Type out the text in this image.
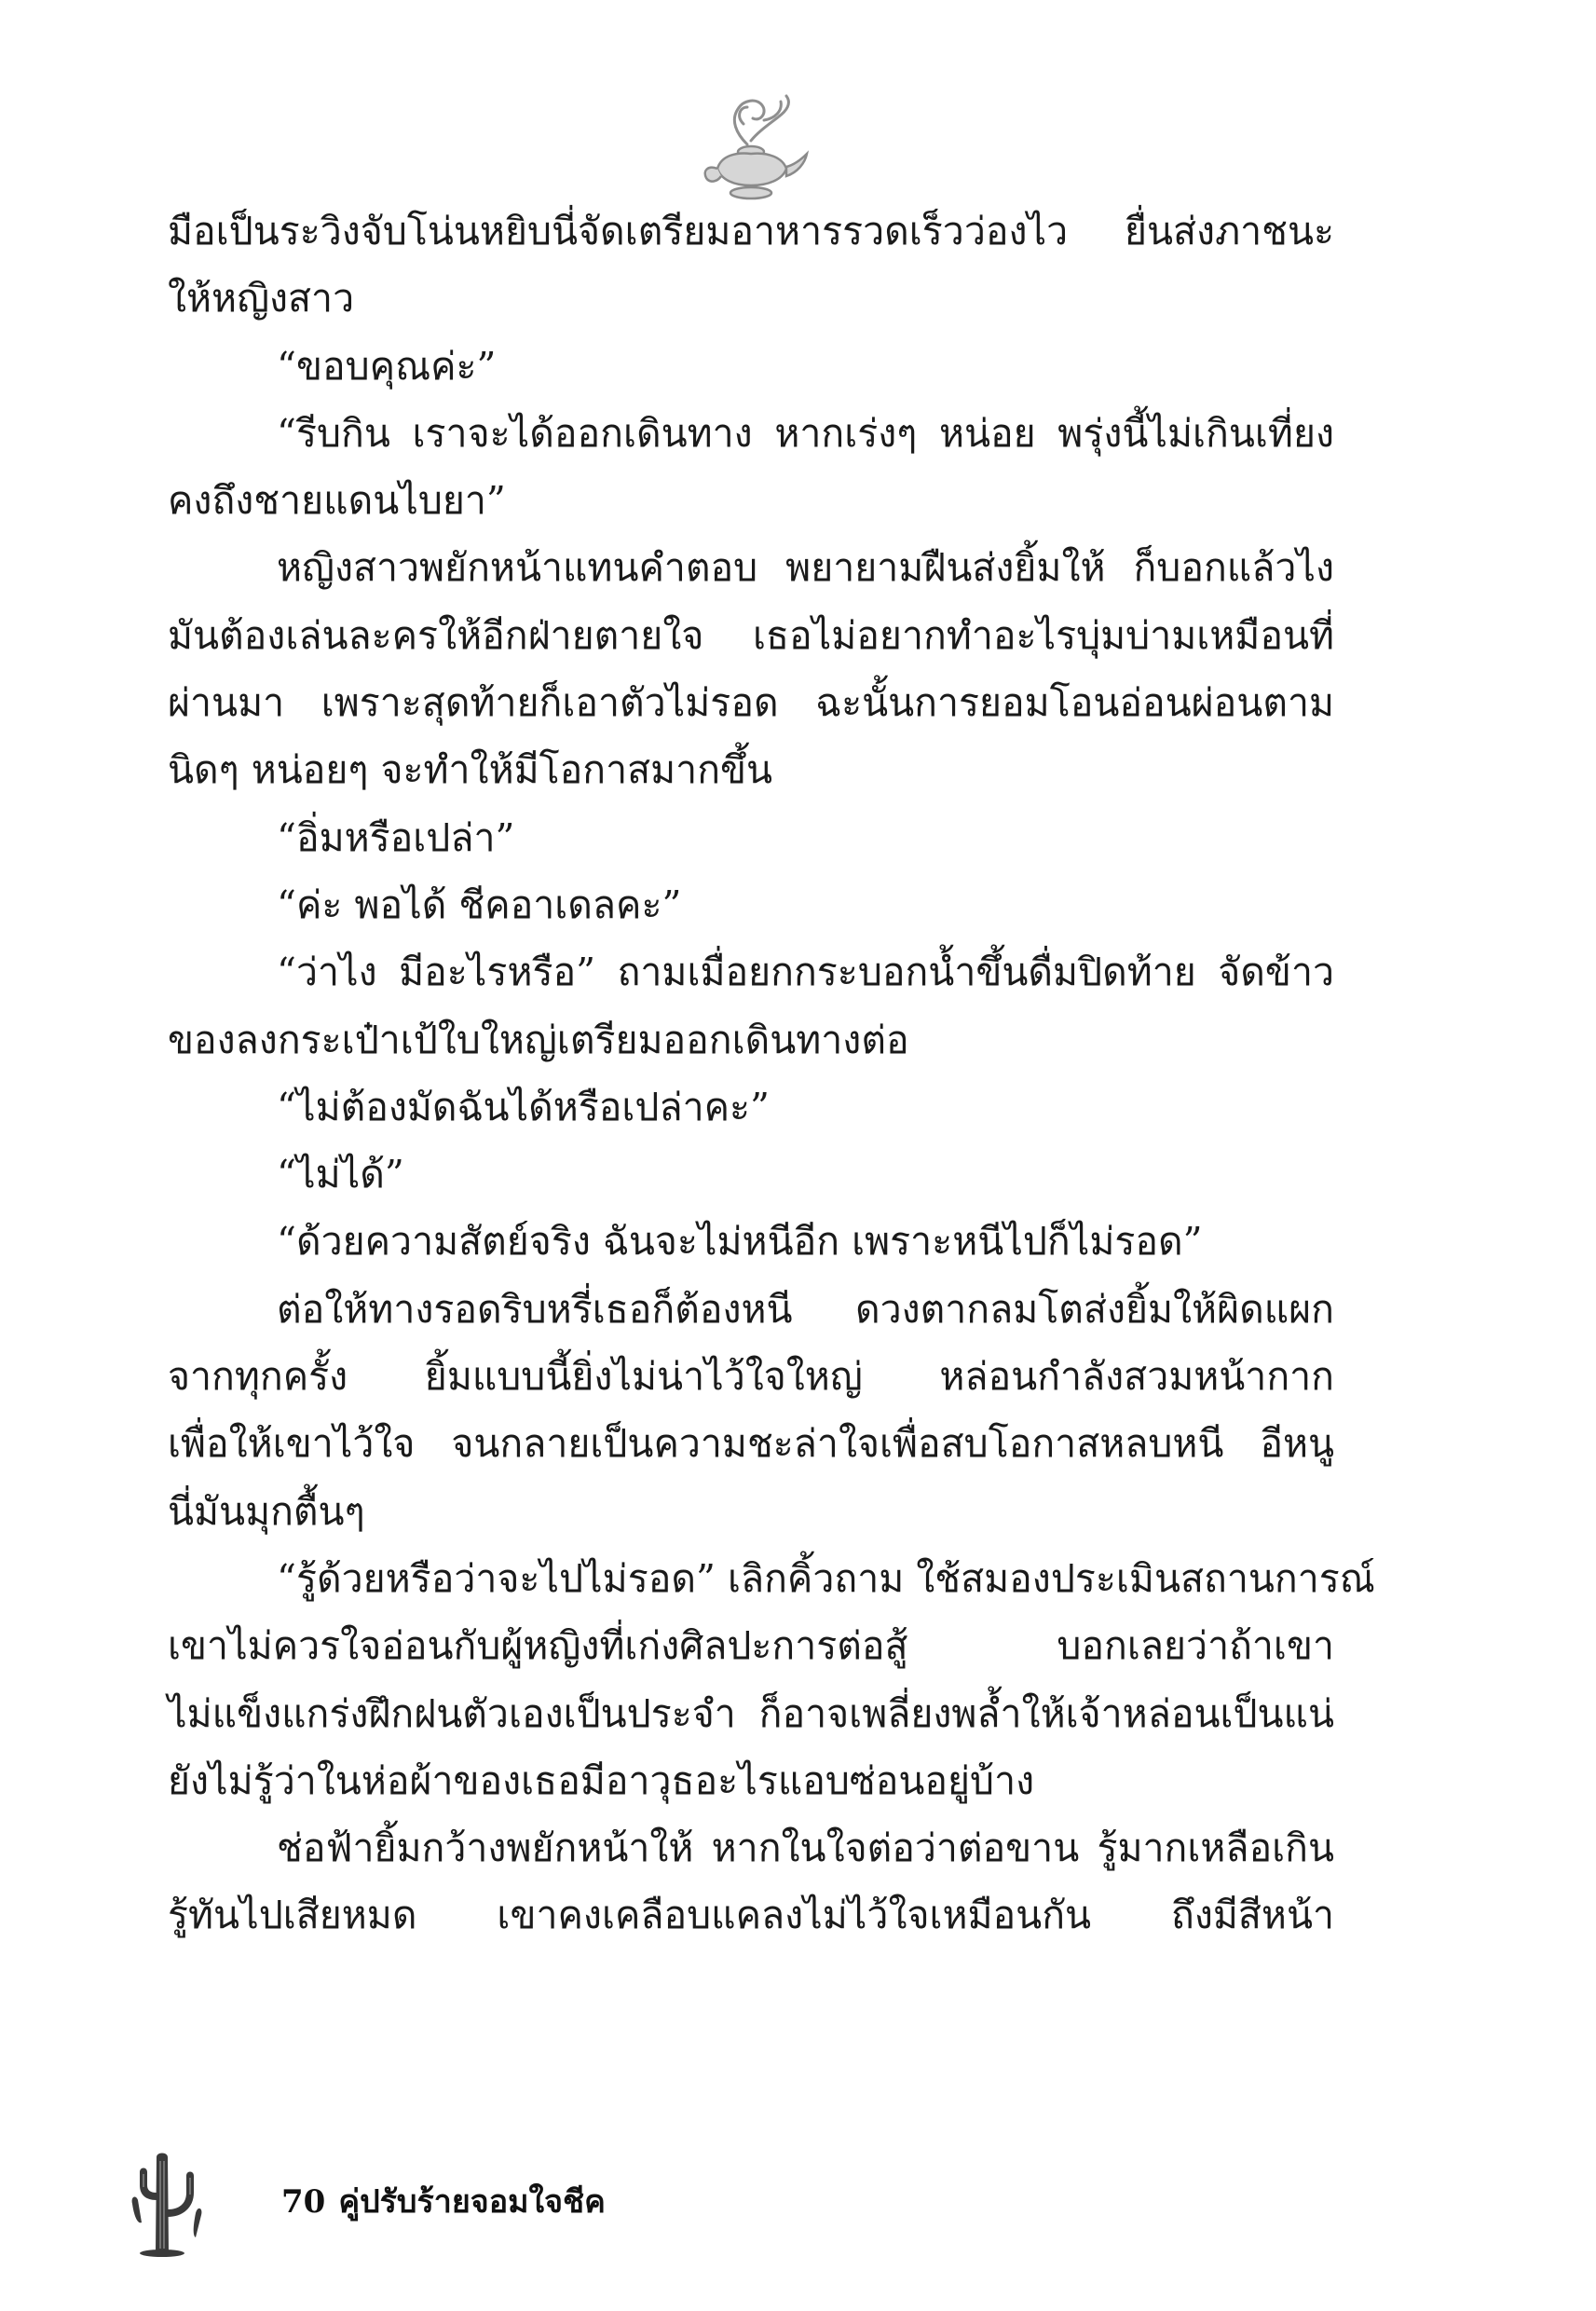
มือเป็นระวิงจับโน่นหยิบนี่จัดเตรียมอาหารรวดเร็วว่องไว ยื่นส่งภาชนะ
ให้หญิงสาว
“ขอบคุณค่ะ”
“รีบกิน เราจะได้ออกเดินทาง หากเร่งๆ หน่อย พรุ่งนี้ไม่เกินเที่ยง
คงถึงชายแดนไบยา”
หญิงสาวพยักหน้าแทนคำตอบ พยายามฝืนส่งยิ้มให้ ก็บอกแล้วไง
มันต้องเล่นละครให้อีกฝ่ายตายใจ เธอไม่อยากทำอะไรบุ่มบ่ามเหมือนที่
ผ่านมา เพราะสุดท้ายก็เอาตัวไม่รอด ฉะนั้นการยอมโอนอ่อนผ่อนตาม
นิดๆ หน่อยๆ จะทำให้มีโอกาสมากขึ้น
“อิ่มหรือเปล่า”
“ค่ะ พอได้ ชีคอาเดลคะ”
“ว่าไง มีอะไรหรือ” ถามเมื่อยกกระบอกน้ำขึ้นดื่มปิดท้าย จัดข้าว
ของลงกระเป๋าเป้ใบใหญ่เตรียมออกเดินทางต่อ
“ไม่ต้องมัดฉันได้หรือเปล่าคะ”
“ไม่ได้”
“ด้วยความสัตย์จริง ฉันจะไม่หนีอีก เพราะหนีไปก็ไม่รอด”
ต่อให้ทางรอดริบหรี่เธอก็ต้องหนี ดวงตากลมโตส่งยิ้มให้ผิดแผก
จากทุกครั้ง ยิ้มแบบนี้ยิ่งไม่น่าไว้ใจใหญ่ หล่อนกำลังสวมหน้ากาก
เพื่อให้เขาไว้ใจ จนกลายเป็นความชะล่าใจเพื่อสบโอกาสหลบหนี อีหนู
นี่มันมุกตื้นๆ
“รู้ด้วยหรือว่าจะไปไม่รอด” เลิกคิ้วถาม ใช้สมองประเมินสถานการณ์
เขาไม่ควรใจอ่อนกับผู้หญิงที่เก่งศิลปะการต่อสู้ บอกเลยว่าถ้าเขา
ไม่แข็งแกร่งฝึกฝนตัวเองเป็นประจำ ก็อาจเพลี่ยงพล้ำให้เจ้าหล่อนเป็นแน่
ยังไม่รู้ว่าในห่อผ้าของเธอมีอาวุธอะไรแอบซ่อนอยู่บ้าง
ช่อฟ้ายิ้มกว้างพยักหน้าให้ หากในใจต่อว่าต่อขาน รู้มากเหลือเกิน
รู้ทันไปเสียหมด เขาคงเคลือบแคลงไม่ไว้ใจเหมือนกัน ถึงมีสีหน้า
70 คู่ปรับร้ายจอมใจชีค
